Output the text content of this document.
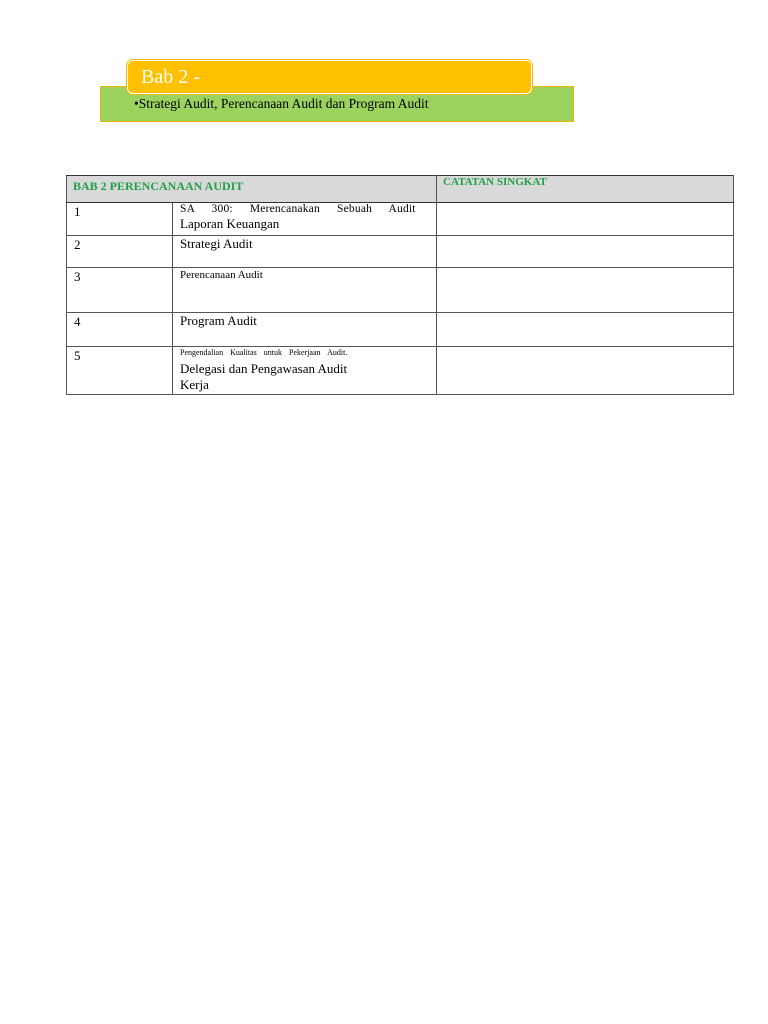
•Strategi Audit, Perencanaan Audit dan Program Audit
Bab 2 -
BAB 2 PERENCANAAN AUDIT		CATATAN SINGKAT

1	SA 300: Merencanakan Sebuah Audit
Laporan Keuangan	

2	Strategi Audit	

3	Perencanaan Audit	

4	Program Audit	

5	Pengendalian Kualitas untuk Pekerjaan Audit.
Delegasi dan Pengawasan Audit
Kerja	
